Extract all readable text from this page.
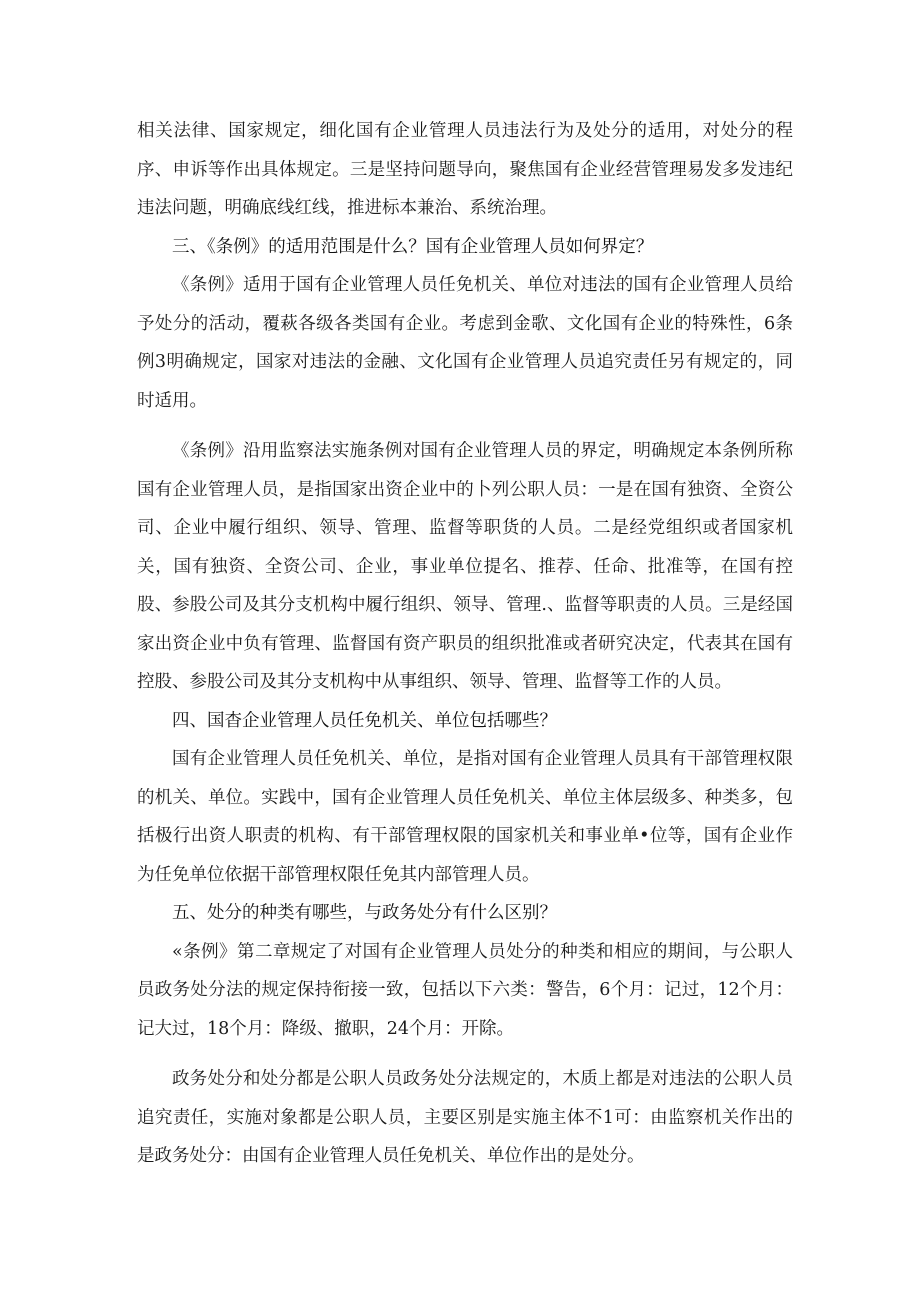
相关法律、国家规定，细化国有企业管理人员违法行为及处分的适用，对处分的程序、申诉等作出具体规定。三是坚持问题导向，聚焦国有企业经营管理易发多发违纪违法问题，明确底线红线，推进标本兼治、系统治理。

三、《条例》的适用范围是什么？国有企业管理人员如何界定？

《条例》适用于国有企业管理人员任免机关、单位对违法的国有企业管理人员给予处分的活动，覆萩各级各类国有企业。考虑到金歌、文化国有企业的特殊性，6条例3明确规定，国家对违法的金融、文化国有企业管理人员追究责任另有规定的，同时适用。

《条例》沿用监察法实施条例对国有企业管理人员的界定，明确规定本条例所称国有企业管理人员，是指国家出资企业中的卜列公职人员：一是在国有独资、全资公司、企业中履行组织、领导、管理、监督等职货的人员。二是经党组织或者国家机关，国有独资、全资公司、企业，事业单位提名、推荐、任命、批准等，在国有控股、参股公司及其分支机构中履行组织、领导、管理.、监督等职责的人员。三是经国家出资企业中负有管理、监督国有资产职员的组织批准或者研究决定，代表其在国有控股、参股公司及其分支机构中从事组织、领导、管理、监督等工作的人员。

四、国杳企业管理人员任免机关、单位包括哪些？

国有企业管理人员任免机关、单位，是指对国有企业管理人员具有干部管理权限的机关、单位。实践中，国有企业管理人员任免机关、单位主体层级多、种类多，包括极行出资人职责的机构、有干部管理权限的国家机关和事业单•位等，国有企业作为任免单位依据干部管理权限任免其内部管理人员。

五、处分的种类有哪些，与政务处分有什么区别？

«条例》第二章规定了对国有企业管理人员处分的种类和相应的期间，与公职人员政务处分法的规定保持衔接一致，包括以下六类：警告，6个月：记过，12个月：记大过，18个月：降级、撤职，24个月：开除。

政务处分和处分都是公职人员政务处分法规定的，木质上都是对违法的公职人员追究责任，实施对象都是公职人员，主要区别是实施主体不1可：由监察机关作出的是政务处分：由国有企业管理人员任免机关、单位作出的是处分。
